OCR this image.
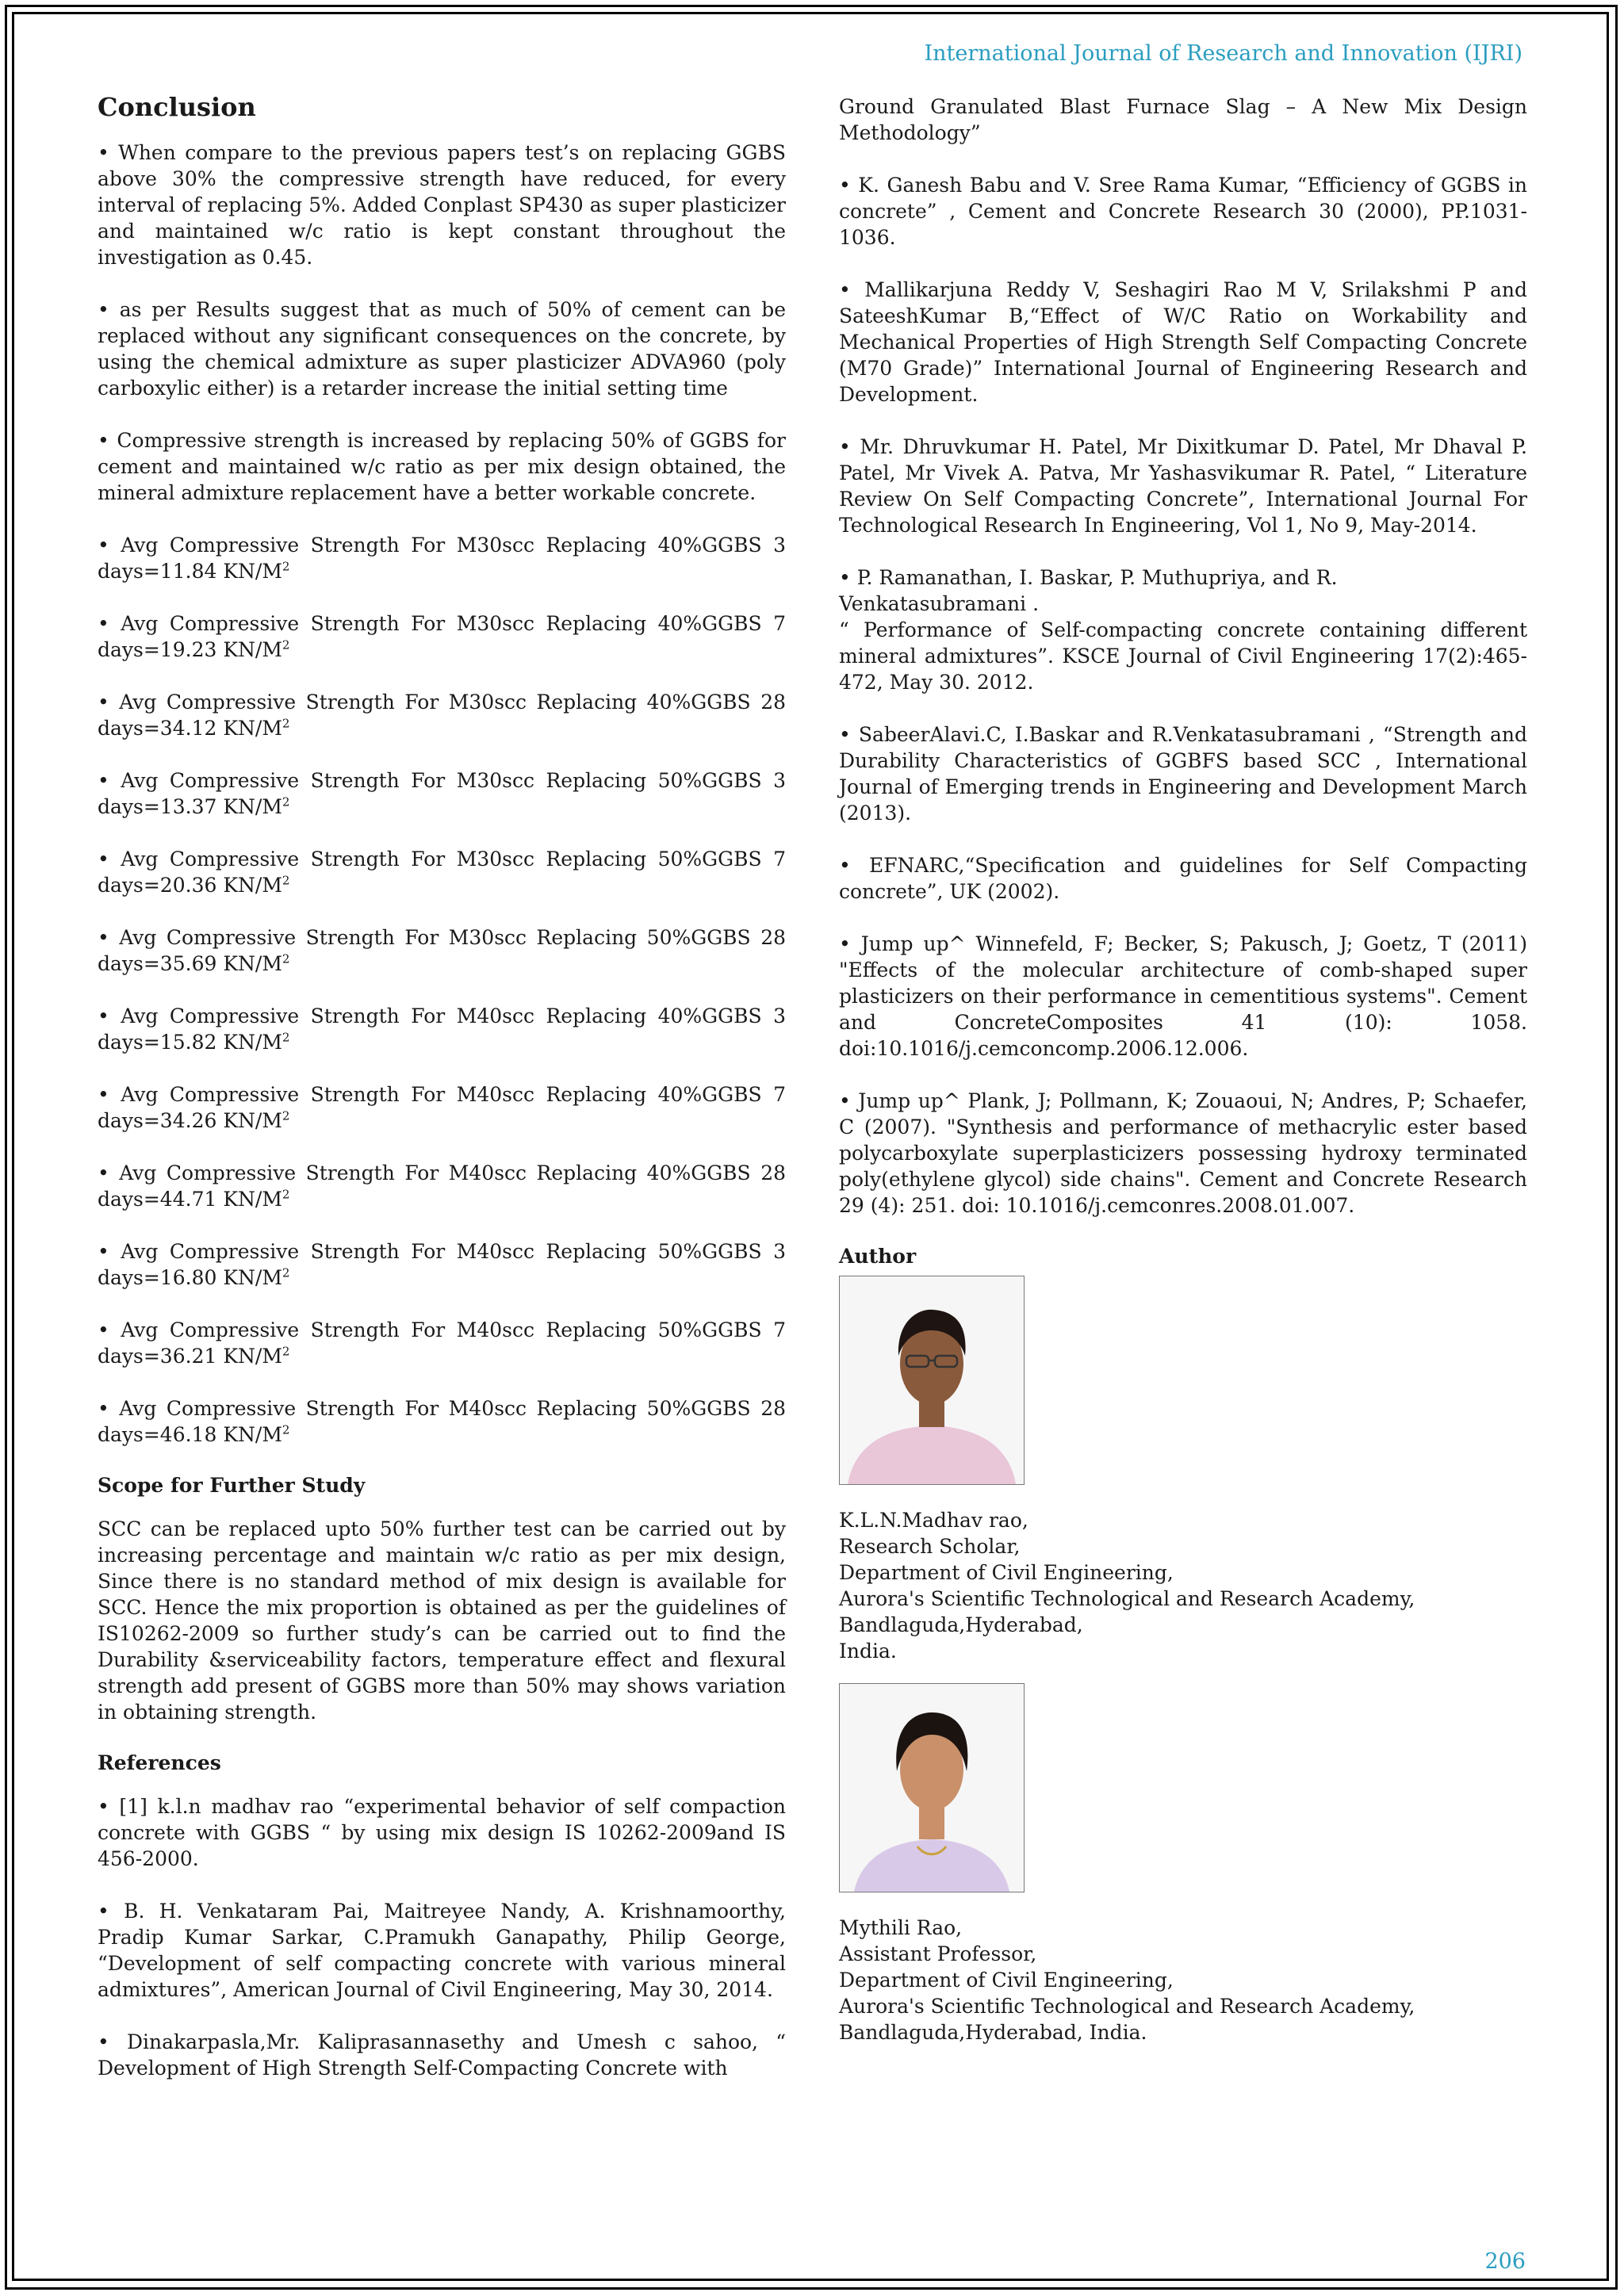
International Journal of Research and Innovation (IJRI)
Conclusion

• When compare to the previous papers test’s on replacing GGBS above 30% the compressive strength have reduced, for every interval of replacing 5%. Added Conplast SP430 as super plasticizer and maintained w/c ratio is kept constant throughout the investigation as 0.45.

• as per Results suggest that as much of 50% of cement can be replaced without any significant consequences on the concrete, by using the chemical admixture as super plasticizer ADVA960 (poly carboxylic either) is a retarder increase the initial setting time

• Compressive strength is increased by replacing 50% of GGBS for cement and maintained w/c ratio as per mix design obtained, the mineral admixture replacement have a better workable concrete.

• Avg Compressive Strength For M30scc Replacing 40%GGBS 3 days=11.84 $KN/M^2$

• Avg Compressive Strength For M30scc Replacing 40%GGBS 7 days=19.23 $KN/M^2$

• Avg Compressive Strength For M30scc Replacing 40%GGBS 28 days=34.12 $KN/M^2$

• Avg Compressive Strength For M30scc Replacing 50%GGBS 3 days=13.37 $KN/M^2$

• Avg Compressive Strength For M30scc Replacing 50%GGBS 7 days=20.36 $KN/M^2$

• Avg Compressive Strength For M30scc Replacing 50%GGBS 28 days=35.69 $KN/M^2$

• Avg Compressive Strength For M40scc Replacing 40%GGBS 3 days=15.82 $KN/M^2$

• Avg Compressive Strength For M40scc Replacing 40%GGBS 7 days=34.26 $KN/M^2$

• Avg Compressive Strength For M40scc Replacing 40%GGBS 28 days=44.71 $KN/M^2$

• Avg Compressive Strength For M40scc Replacing 50%GGBS 3 days=16.80 $KN/M^2$

• Avg Compressive Strength For M40scc Replacing 50%GGBS 7 days=36.21 $KN/M^2$

• Avg Compressive Strength For M40scc Replacing 50%GGBS 28 days=46.18 $KN/M^2$

Scope for Further Study

SCC can be replaced upto 50% further test can be carried out by increasing percentage and maintain w/c ratio as per mix design, Since there is no standard method of mix design is available for SCC. Hence the mix proportion is obtained as per the guidelines of IS10262-2009 so further study’s can be carried out to find the Durability &serviceability factors, temperature effect and flexural strength add present of GGBS more than 50% may shows variation in obtaining strength.

References

• [1] k.l.n madhav rao “experimental behavior of self compaction concrete with GGBS “ by using mix design IS 10262-2009and IS 456-2000.

• B. H. Venkataram Pai, Maitreyee Nandy, A. Krishnamoorthy, Pradip Kumar Sarkar, C.Pramukh Ganapathy, Philip George, “Development of self compacting concrete with various mineral admixtures”, American Journal of Civil Engineering, May 30, 2014.

• Dinakarpasla,Mr. Kaliprasannasethy and Umesh c sahoo, “ Development of High Strength Self-Compacting Concrete with

Ground Granulated Blast Furnace Slag – A New Mix Design Methodology”

• K. Ganesh Babu and V. Sree Rama Kumar, “Efficiency of GGBS in concrete” , Cement and Concrete Research 30 (2000), PP.1031- 1036.

• Mallikarjuna Reddy V, Seshagiri Rao M V, Srilakshmi P and SateeshKumar B,“Effect of W/C Ratio on Workability and Mechanical Properties of High Strength Self Compacting Concrete (M70 Grade)” International Journal of Engineering Research and Development.

• Mr. Dhruvkumar H. Patel, Mr Dixitkumar D. Patel, Mr Dhaval P. Patel, Mr Vivek A. Patva, Mr Yashasvikumar R. Patel, “ Literature Review On Self Compacting Concrete”, International Journal For Technological Research In Engineering, Vol 1, No 9, May-2014.

• P. Ramanathan, I. Baskar, P. Muthupriya, and R. Venkatasubramani .

“ Performance of Self-compacting concrete containing different mineral admixtures”. KSCE Journal of Civil Engineering 17(2):465-472, May 30. 2012.

• SabeerAlavi.C, I.Baskar and R.Venkatasubramani , “Strength and Durability Characteristics of GGBFS based SCC , International Journal of Emerging trends in Engineering and Development March (2013).

• EFNARC,“Specification and guidelines for Self Compacting concrete”, UK (2002).

• Jump up^ Winnefeld, F; Becker, S; Pakusch, J; Goetz, T (2011) "Effects of the molecular architecture of comb-shaped super plasticizers on their performance in cementitious systems". Cement and ConcreteComposites 41 (10): 1058. doi:10.1016/j.cemconcomp.2006.12.006.

• Jump up^ Plank, J; Pollmann, K; Zouaoui, N; Andres, P; Schaefer, C (2007). "Synthesis and performance of methacrylic ester based polycarboxylate superplasticizers possessing hydroxy terminated poly(ethylene glycol) side chains". Cement and Concrete Research 29 (4): 251. doi: 10.1016/j.cemconres.2008.01.007.

Author

K.L.N.Madhav rao,

Research Scholar,

Department of Civil Engineering,

Aurora's Scientific Technological and Research Academy,

Bandlaguda,Hyderabad,

India.

Mythili Rao,

Assistant Professor,

Department of Civil Engineering,

Aurora's Scientific Technological and Research Academy,

Bandlaguda,Hyderabad, India.

206
